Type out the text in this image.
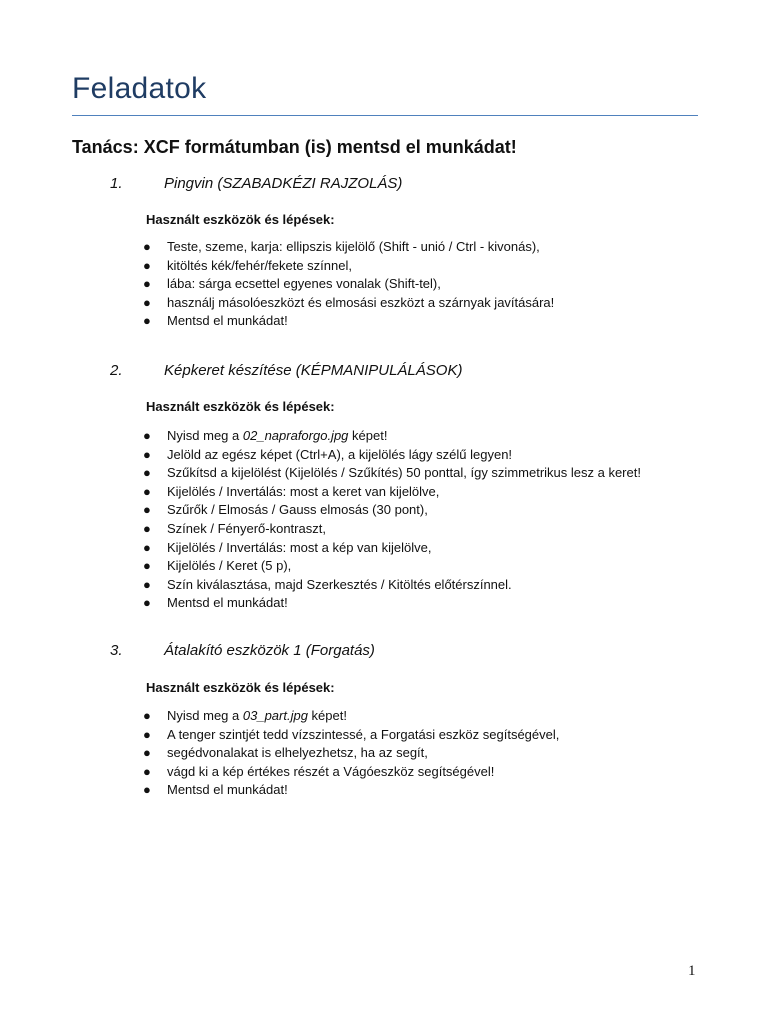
Feladatok
Tanács: XCF formátumban (is) mentsd el munkádat!
1.	Pingvin (SZABADKÉZI RAJZOLÁS)
Használt eszközök és lépések:
● Teste, szeme, karja: ellipszis kijelölő (Shift - unió / Ctrl - kivonás),
● kitöltés kék/fehér/fekete színnel,
● lába: sárga ecsettel egyenes vonalak (Shift-tel),
● használj másolóeszközt és elmosási eszközt a szárnyak javítására!
● Mentsd el munkádat!
2.	Képkeret készítése (KÉPMANIPULÁLÁSOK)
Használt eszközök és lépések:
● Nyisd meg a 02_napraforgo.jpg képet!
● Jelöld az egész képet (Ctrl+A), a kijelölés lágy szélű legyen!
● Szűkítsd a kijelölést (Kijelölés / Szűkítés) 50 ponttal, így szimmetrikus lesz a keret!
● Kijelölés / Invertálás: most a keret van kijelölve,
● Szűrők / Elmosás / Gauss elmosás (30 pont),
● Színek / Fényerő-kontraszt,
● Kijelölés / Invertálás: most a kép van kijelölve,
● Kijelölés / Keret (5 p),
● Szín kiválasztása, majd Szerkesztés / Kitöltés előtérszínnel.
● Mentsd el munkádat!
3.	Átalakító eszközök 1 (Forgatás)
Használt eszközök és lépések:
● Nyisd meg a 03_part.jpg képet!
● A tenger szintjét tedd vízszintessé, a Forgatási eszköz segítségével,
● segédvonalakat is elhelyezhetsz, ha az segít,
● vágd ki a kép értékes részét a Vágóeszköz segítségével!
● Mentsd el munkádat!
1
